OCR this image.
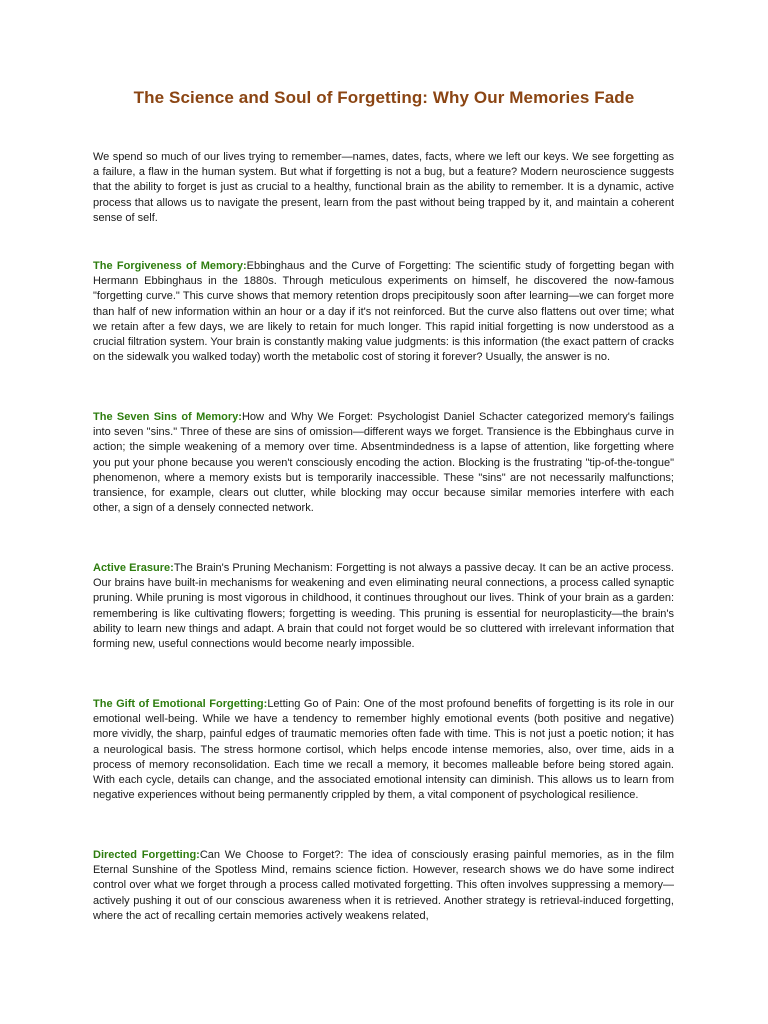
The Science and Soul of Forgetting: Why Our Memories Fade

We spend so much of our lives trying to remember—names, dates, facts, where we left our keys. We see forgetting as a failure, a flaw in the human system. But what if forgetting is not a bug, but a feature? Modern neuroscience suggests that the ability to forget is just as crucial to a healthy, functional brain as the ability to remember. It is a dynamic, active process that allows us to navigate the present, learn from the past without being trapped by it, and maintain a coherent sense of self.

The Forgiveness of Memory:Ebbinghaus and the Curve of Forgetting: The scientific study of forgetting began with Hermann Ebbinghaus in the 1880s. Through meticulous experiments on himself, he discovered the now-famous "forgetting curve." This curve shows that memory retention drops precipitously soon after learning—we can forget more than half of new information within an hour or a day if it's not reinforced. But the curve also flattens out over time; what we retain after a few days, we are likely to retain for much longer. This rapid initial forgetting is now understood as a crucial filtration system. Your brain is constantly making value judgments: is this information (the exact pattern of cracks on the sidewalk you walked today) worth the metabolic cost of storing it forever? Usually, the answer is no.

The Seven Sins of Memory:How and Why We Forget: Psychologist Daniel Schacter categorized memory's failings into seven "sins." Three of these are sins of omission—different ways we forget. Transience is the Ebbinghaus curve in action; the simple weakening of a memory over time. Absentmindedness is a lapse of attention, like forgetting where you put your phone because you weren't consciously encoding the action. Blocking is the frustrating "tip-of-the-tongue" phenomenon, where a memory exists but is temporarily inaccessible. These "sins" are not necessarily malfunctions; transience, for example, clears out clutter, while blocking may occur because similar memories interfere with each other, a sign of a densely connected network.

Active Erasure:The Brain's Pruning Mechanism: Forgetting is not always a passive decay. It can be an active process. Our brains have built-in mechanisms for weakening and even eliminating neural connections, a process called synaptic pruning. While pruning is most vigorous in childhood, it continues throughout our lives. Think of your brain as a garden: remembering is like cultivating flowers; forgetting is weeding. This pruning is essential for neuroplasticity—the brain's ability to learn new things and adapt. A brain that could not forget would be so cluttered with irrelevant information that forming new, useful connections would become nearly impossible.

The Gift of Emotional Forgetting:Letting Go of Pain: One of the most profound benefits of forgetting is its role in our emotional well-being. While we have a tendency to remember highly emotional events (both positive and negative) more vividly, the sharp, painful edges of traumatic memories often fade with time. This is not just a poetic notion; it has a neurological basis. The stress hormone cortisol, which helps encode intense memories, also, over time, aids in a process of memory reconsolidation. Each time we recall a memory, it becomes malleable before being stored again. With each cycle, details can change, and the associated emotional intensity can diminish. This allows us to learn from negative experiences without being permanently crippled by them, a vital component of psychological resilience.

Directed Forgetting:Can We Choose to Forget?: The idea of consciously erasing painful memories, as in the film Eternal Sunshine of the Spotless Mind, remains science fiction. However, research shows we do have some indirect control over what we forget through a process called motivated forgetting. This often involves suppressing a memory—actively pushing it out of our conscious awareness when it is retrieved. Another strategy is retrieval-induced forgetting, where the act of recalling certain memories actively weakens related,
